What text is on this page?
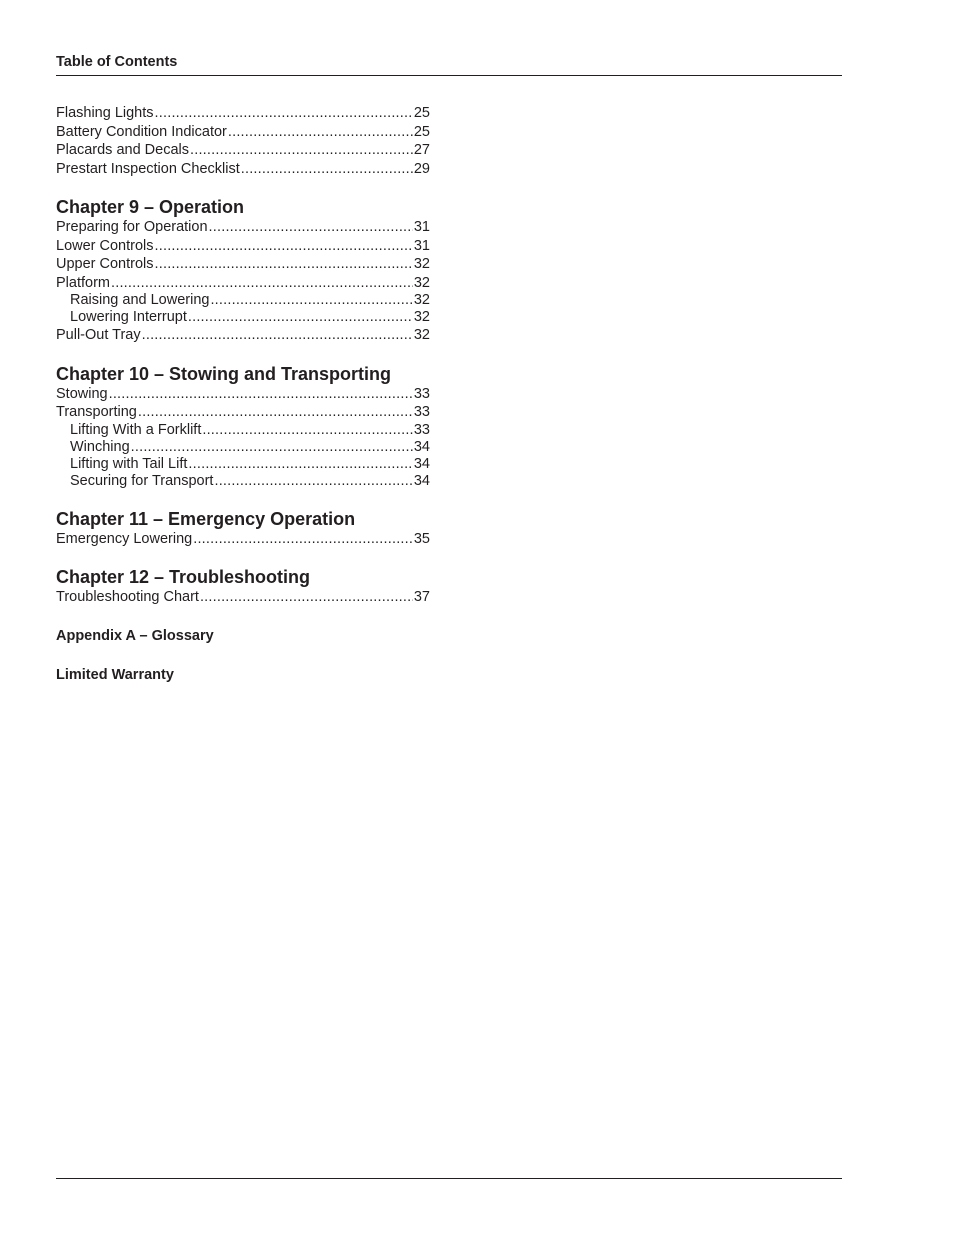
Table of Contents
Flashing Lights .....	25
Battery Condition Indicator .....	25
Placards and Decals .....	27
Prestart Inspection Checklist .....	29
Chapter 9 – Operation
Preparing for Operation .....	31
Lower Controls .....	31
Upper Controls .....	32
Platform .....	32
Raising and Lowering .....	32
Lowering Interrupt .....	32
Pull-Out Tray .....	32
Chapter 10 – Stowing and Transporting
Stowing .....	33
Transporting .....	33
Lifting With a Forklift .....	33
Winching .....	34
Lifting with Tail Lift .....	34
Securing for Transport .....	34
Chapter 11 – Emergency Operation
Emergency Lowering .....	35
Chapter 12 – Troubleshooting
Troubleshooting Chart .....	37
Appendix A – Glossary
Limited Warranty
